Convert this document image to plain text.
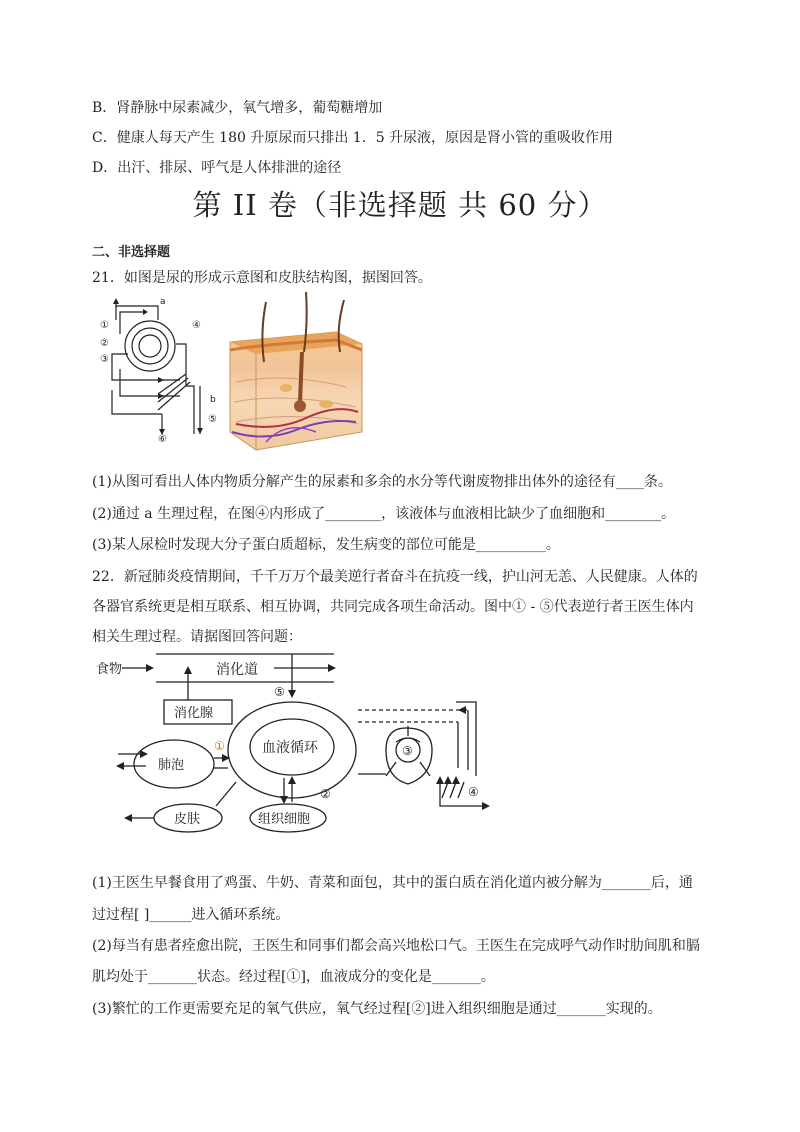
B．肾静脉中尿素减少，氧气增多，葡萄糖增加
C．健康人每天产生 180 升原尿而只排出 1．5 升尿液，原因是肾小管的重吸收作用
D．出汗、排尿、呼气是人体排泄的途径
第 II 卷（非选择题 共 60 分）
二、非选择题
21．如图是尿的形成示意图和皮肤结构图，据图回答。
a
b
①
②
③
④
⑤
⑥
(1)从图可看出人体内物质分解产生的尿素和多余的水分等代谢废物排出体外的途径有____条。
(2)通过 a 生理过程，在图④内形成了________，该液体与血液相比缺少了血细胞和________。
(3)某人尿检时发现大分子蛋白质超标，发生病变的部位可能是__________。
22．新冠肺炎疫情期间，千千万万个最美逆行者奋斗在抗疫一线，护山河无恙、人民健康。人体的
各器官系统更是相互联系、相互协调，共同完成各项生命活动。图中① - ⑤代表逆行者王医生体内
相关生理过程。请据图回答问题：
食物	消化道
消化腺
肺泡
血液循环
皮肤	组织细胞
①
②
③
④
⑤
(1)王医生早餐食用了鸡蛋、牛奶、青菜和面包，其中的蛋白质在消化道内被分解为_______后，通
过过程[ ]______进入循环系统。
(2)每当有患者痊愈出院，王医生和同事们都会高兴地松口气。王医生在完成呼气动作时肋间肌和膈
肌均处于_______状态。经过程[①]，血液成分的变化是_______。
(3)繁忙的工作更需要充足的氧气供应，氧气经过程[②]进入组织细胞是通过_______实现的。
